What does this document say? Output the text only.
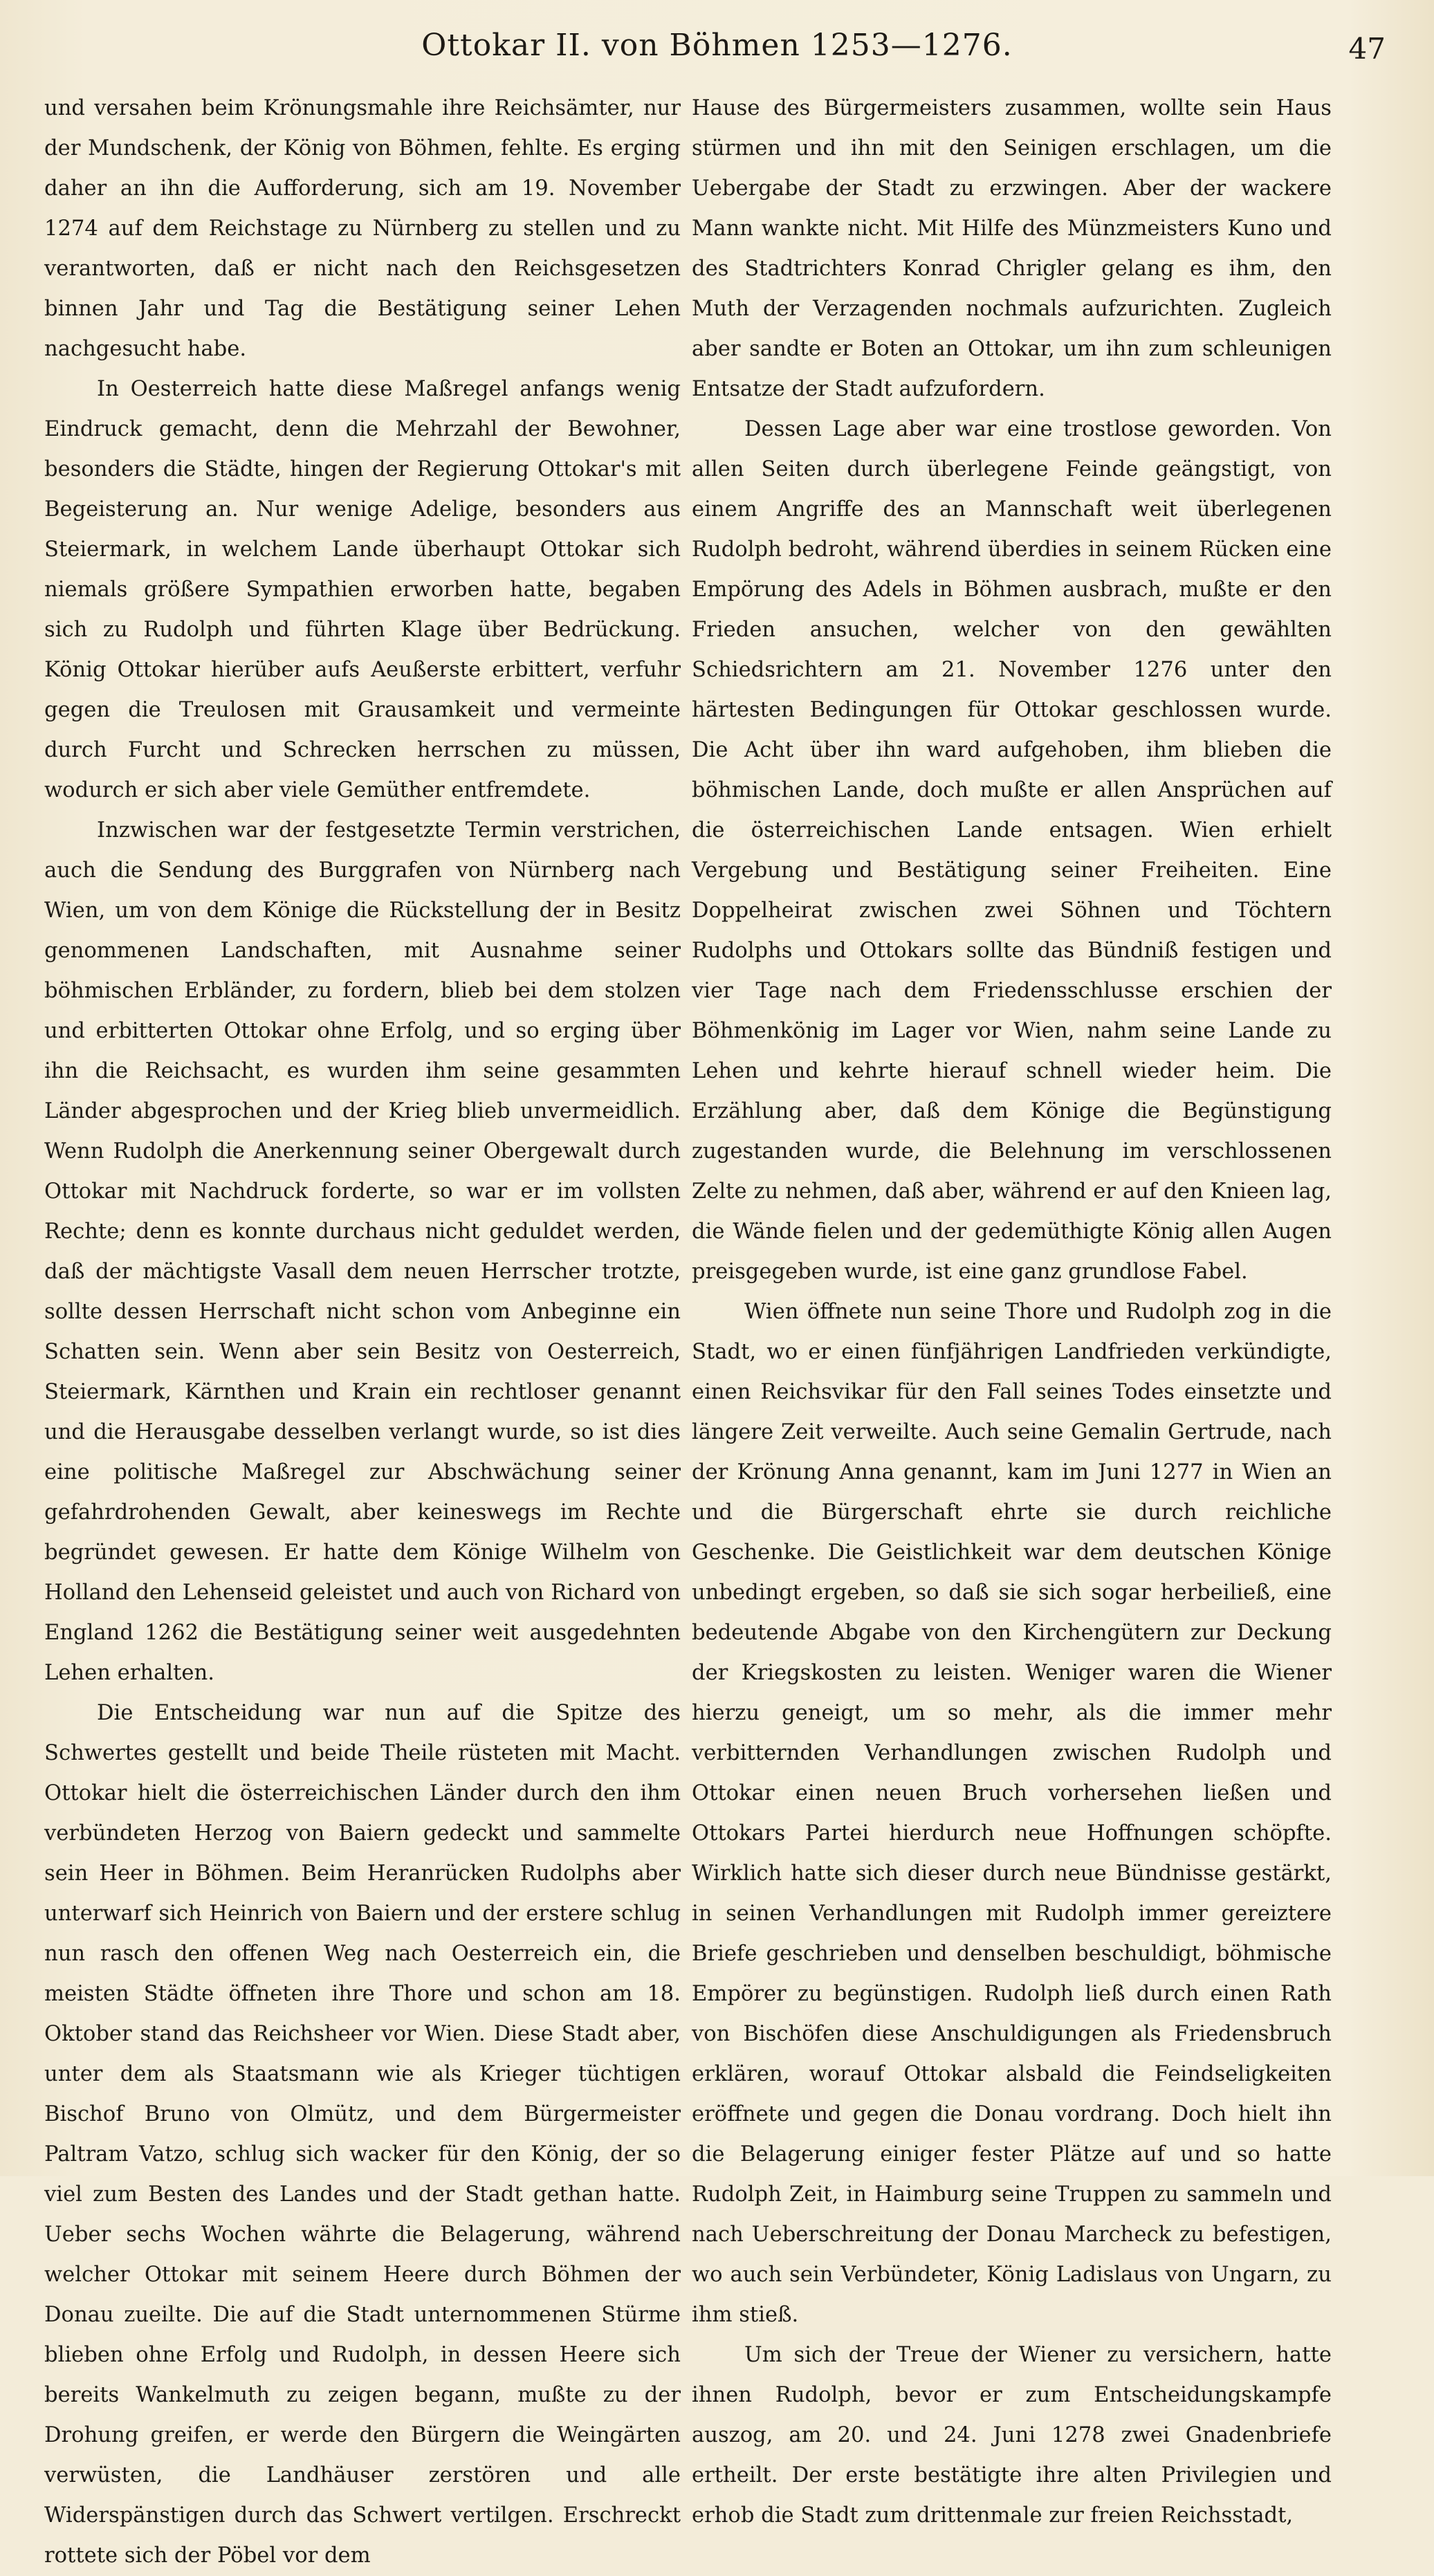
Ottokar II. von Böhmen 1253—1276.	47

und versahen beim Krönungsmahle ihre Reichsämter, nur der Mundschenk, der König von Böhmen, fehlte. Es erging daher an ihn die Aufforderung, sich am 19. November 1274 auf dem Reichstage zu Nürnberg zu stellen und zu verantworten, daß er nicht nach den Reichsgesetzen binnen Jahr und Tag die Bestätigung seiner Lehen nachgesucht habe.

In Oesterreich hatte diese Maßregel anfangs wenig Eindruck gemacht, denn die Mehrzahl der Bewohner, besonders die Städte, hingen der Regierung Ottokar's mit Begeisterung an. Nur wenige Adelige, besonders aus Steiermark, in welchem Lande überhaupt Ottokar sich niemals größere Sympathien erworben hatte, begaben sich zu Rudolph und führten Klage über Bedrückung. König Ottokar hierüber aufs Aeußerste erbittert, verfuhr gegen die Treulosen mit Grausamkeit und vermeinte durch Furcht und Schrecken herrschen zu müssen, wodurch er sich aber viele Gemüther entfremdete.

Inzwischen war der festgesetzte Termin verstrichen, auch die Sendung des Burggrafen von Nürnberg nach Wien, um von dem Könige die Rückstellung der in Besitz genommenen Landschaften, mit Ausnahme seiner böhmischen Erbländer, zu fordern, blieb bei dem stolzen und erbitterten Ottokar ohne Erfolg, und so erging über ihn die Reichsacht, es wurden ihm seine gesammten Länder abgesprochen und der Krieg blieb unvermeidlich. Wenn Rudolph die Anerkennung seiner Obergewalt durch Ottokar mit Nachdruck forderte, so war er im vollsten Rechte; denn es konnte durchaus nicht geduldet werden, daß der mächtigste Vasall dem neuen Herrscher trotzte, sollte dessen Herrschaft nicht schon vom Anbeginne ein Schatten sein. Wenn aber sein Besitz von Oesterreich, Steiermark, Kärnthen und Krain ein rechtloser genannt und die Herausgabe desselben verlangt wurde, so ist dies eine politische Maßregel zur Abschwächung seiner gefahrdrohenden Gewalt, aber keineswegs im Rechte begründet gewesen. Er hatte dem Könige Wilhelm von Holland den Lehenseid geleistet und auch von Richard von England 1262 die Bestätigung seiner weit ausgedehnten Lehen erhalten.

Die Entscheidung war nun auf die Spitze des Schwertes gestellt und beide Theile rüsteten mit Macht. Ottokar hielt die österreichischen Länder durch den ihm verbündeten Herzog von Baiern gedeckt und sammelte sein Heer in Böhmen. Beim Heranrücken Rudolphs aber unterwarf sich Heinrich von Baiern und der erstere schlug nun rasch den offenen Weg nach Oesterreich ein, die meisten Städte öffneten ihre Thore und schon am 18. Oktober stand das Reichsheer vor Wien. Diese Stadt aber, unter dem als Staatsmann wie als Krieger tüchtigen Bischof Bruno von Olmütz, und dem Bürgermeister Paltram Vatzo, schlug sich wacker für den König, der so viel zum Besten des Landes und der Stadt gethan hatte. Ueber sechs Wochen währte die Belagerung, während welcher Ottokar mit seinem Heere durch Böhmen der Donau zueilte. Die auf die Stadt unternommenen Stürme blieben ohne Erfolg und Rudolph, in dessen Heere sich bereits Wankelmuth zu zeigen begann, mußte zu der Drohung greifen, er werde den Bürgern die Weingärten verwüsten, die Landhäuser zerstören und alle Widerspänstigen durch das Schwert vertilgen. Erschreckt rottete sich der Pöbel vor dem

Hause des Bürgermeisters zusammen, wollte sein Haus stürmen und ihn mit den Seinigen erschlagen, um die Uebergabe der Stadt zu erzwingen. Aber der wackere Mann wankte nicht. Mit Hilfe des Münzmeisters Kuno und des Stadtrichters Konrad Chrigler gelang es ihm, den Muth der Verzagenden nochmals aufzurichten. Zugleich aber sandte er Boten an Ottokar, um ihn zum schleunigen Entsatze der Stadt aufzufordern.

Dessen Lage aber war eine trostlose geworden. Von allen Seiten durch überlegene Feinde geängstigt, von einem Angriffe des an Mannschaft weit überlegenen Rudolph bedroht, während überdies in seinem Rücken eine Empörung des Adels in Böhmen ausbrach, mußte er den Frieden ansuchen, welcher von den gewählten Schiedsrichtern am 21. November 1276 unter den härtesten Bedingungen für Ottokar geschlossen wurde. Die Acht über ihn ward aufgehoben, ihm blieben die böhmischen Lande, doch mußte er allen Ansprüchen auf die österreichischen Lande entsagen. Wien erhielt Vergebung und Bestätigung seiner Freiheiten. Eine Doppelheirat zwischen zwei Söhnen und Töchtern Rudolphs und Ottokars sollte das Bündniß festigen und vier Tage nach dem Friedensschlusse erschien der Böhmenkönig im Lager vor Wien, nahm seine Lande zu Lehen und kehrte hierauf schnell wieder heim. Die Erzählung aber, daß dem Könige die Begünstigung zugestanden wurde, die Belehnung im verschlossenen Zelte zu nehmen, daß aber, während er auf den Knieen lag, die Wände fielen und der gedemüthigte König allen Augen preisgegeben wurde, ist eine ganz grundlose Fabel.

Wien öffnete nun seine Thore und Rudolph zog in die Stadt, wo er einen fünfjährigen Landfrieden verkündigte, einen Reichsvikar für den Fall seines Todes einsetzte und längere Zeit verweilte. Auch seine Gemalin Gertrude, nach der Krönung Anna genannt, kam im Juni 1277 in Wien an und die Bürgerschaft ehrte sie durch reichliche Geschenke. Die Geistlichkeit war dem deutschen Könige unbedingt ergeben, so daß sie sich sogar herbeiließ, eine bedeutende Abgabe von den Kirchengütern zur Deckung der Kriegskosten zu leisten. Weniger waren die Wiener hierzu geneigt, um so mehr, als die immer mehr verbitternden Verhandlungen zwischen Rudolph und Ottokar einen neuen Bruch vorhersehen ließen und Ottokars Partei hierdurch neue Hoffnungen schöpfte. Wirklich hatte sich dieser durch neue Bündnisse gestärkt, in seinen Verhandlungen mit Rudolph immer gereiztere Briefe geschrieben und denselben beschuldigt, böhmische Empörer zu begünstigen. Rudolph ließ durch einen Rath von Bischöfen diese Anschuldigungen als Friedensbruch erklären, worauf Ottokar alsbald die Feindseligkeiten eröffnete und gegen die Donau vordrang. Doch hielt ihn die Belagerung einiger fester Plätze auf und so hatte Rudolph Zeit, in Haimburg seine Truppen zu sammeln und nach Ueberschreitung der Donau Marcheck zu befestigen, wo auch sein Verbündeter, König Ladislaus von Ungarn, zu ihm stieß.

Um sich der Treue der Wiener zu versichern, hatte ihnen Rudolph, bevor er zum Entscheidungskampfe auszog, am 20. und 24. Juni 1278 zwei Gnadenbriefe ertheilt. Der erste bestätigte ihre alten Privilegien und erhob die Stadt zum drittenmale zur freien Reichsstadt,
